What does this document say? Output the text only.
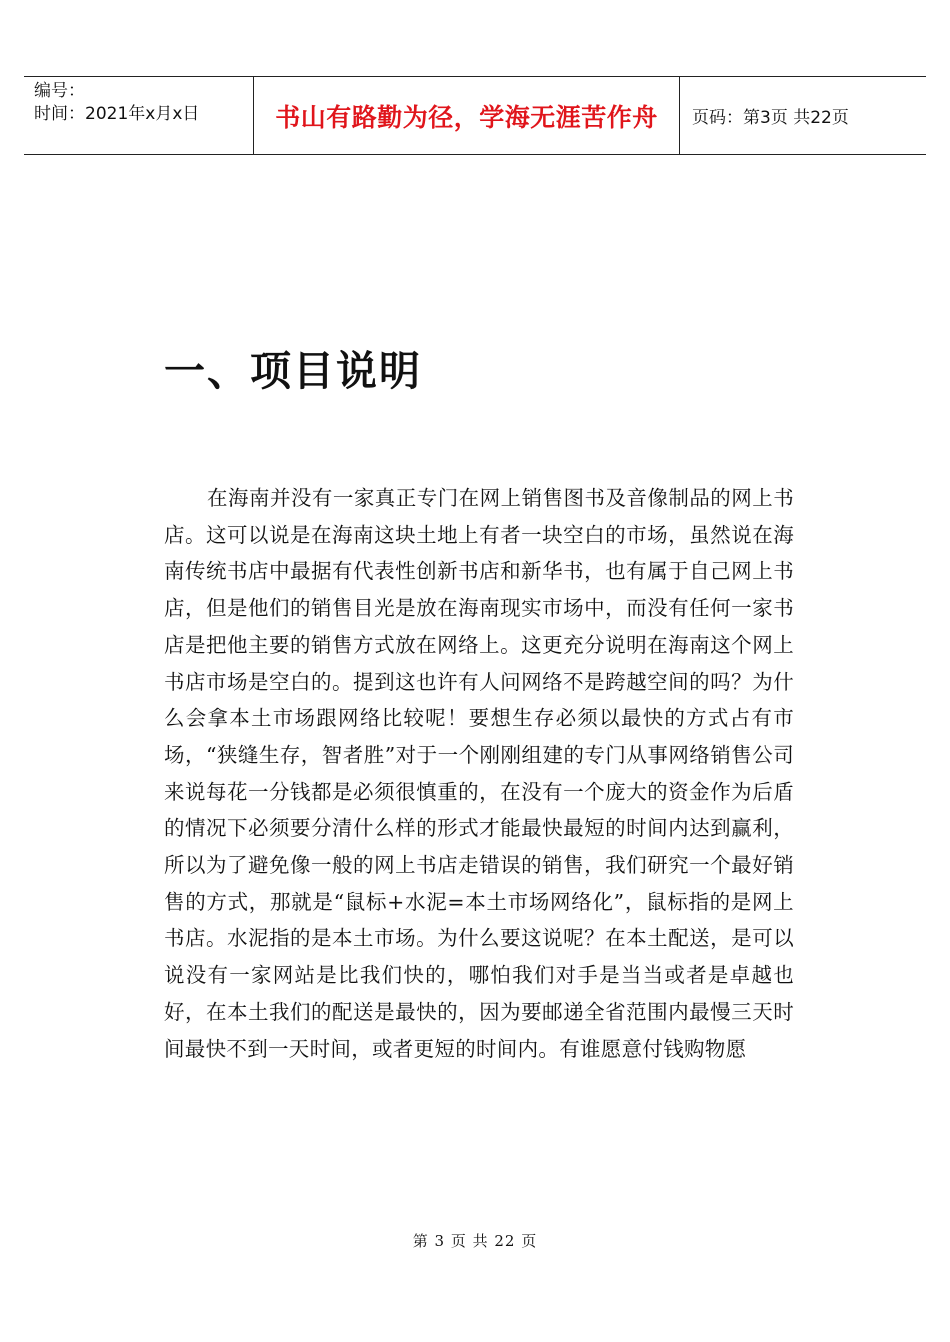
编号：
时间：2021年x月x日	书山有路勤为径，学海无涯苦作舟	页码：第3页 共22页
一、项目说明

在海南并没有一家真正专门在网上销售图书及音像制品的网上书店。这可以说是在海南这块土地上有者一块空白的市场，虽然说在海南传统书店中最据有代表性创新书店和新华书，也有属于自己网上书店，但是他们的销售目光是放在海南现实市场中，而没有任何一家书店是把他主要的销售方式放在网络上。这更充分说明在海南这个网上书店市场是空白的。提到这也许有人问网络不是跨越空间的吗？为什么会拿本土市场跟网络比较呢！要想生存必须以最快的方式占有市场，“狭缝生存，智者胜”对于一个刚刚组建的专门从事网络销售公司来说每花一分钱都是必须很慎重的，在没有一个庞大的资金作为后盾的情况下必须要分清什么样的形式才能最快最短的时间内达到赢利，所以为了避免像一般的网上书店走错误的销售，我们研究一个最好销售的方式，那就是“鼠标+水泥=本土市场网络化”，鼠标指的是网上书店。水泥指的是本土市场。为什么要这说呢？在本土配送，是可以说没有一家网站是比我们快的，哪怕我们对手是当当或者是卓越也好，在本土我们的配送是最快的，因为要邮递全省范围内最慢三天时间最快不到一天时间，或者更短的时间内。有谁愿意付钱购物愿

第 3 页 共 22 页
